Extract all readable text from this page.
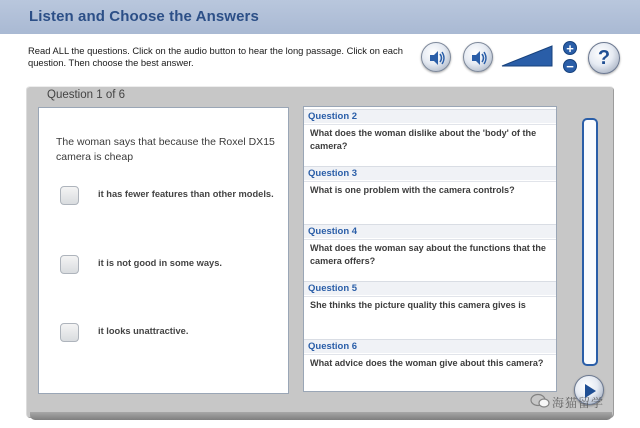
Listen and Choose the Answers
Read ALL the questions. Click on the audio button to hear the long passage. Click on each question. Then choose the best answer.
+
−	?
Question 1 of 6
The woman says that because the Roxel DX15 camera is cheap
it has fewer features than other models.
it is not good in some ways.
it looks unattractive.
Question 2
What does the woman dislike about the 'body' of the camera?
Question 3
What is one problem with the camera controls?
Question 4
What does the woman say about the functions that the camera offers?
Question 5
She thinks the picture quality this camera gives is
Question 6
What advice does the woman give about this camera?
海猫留学
